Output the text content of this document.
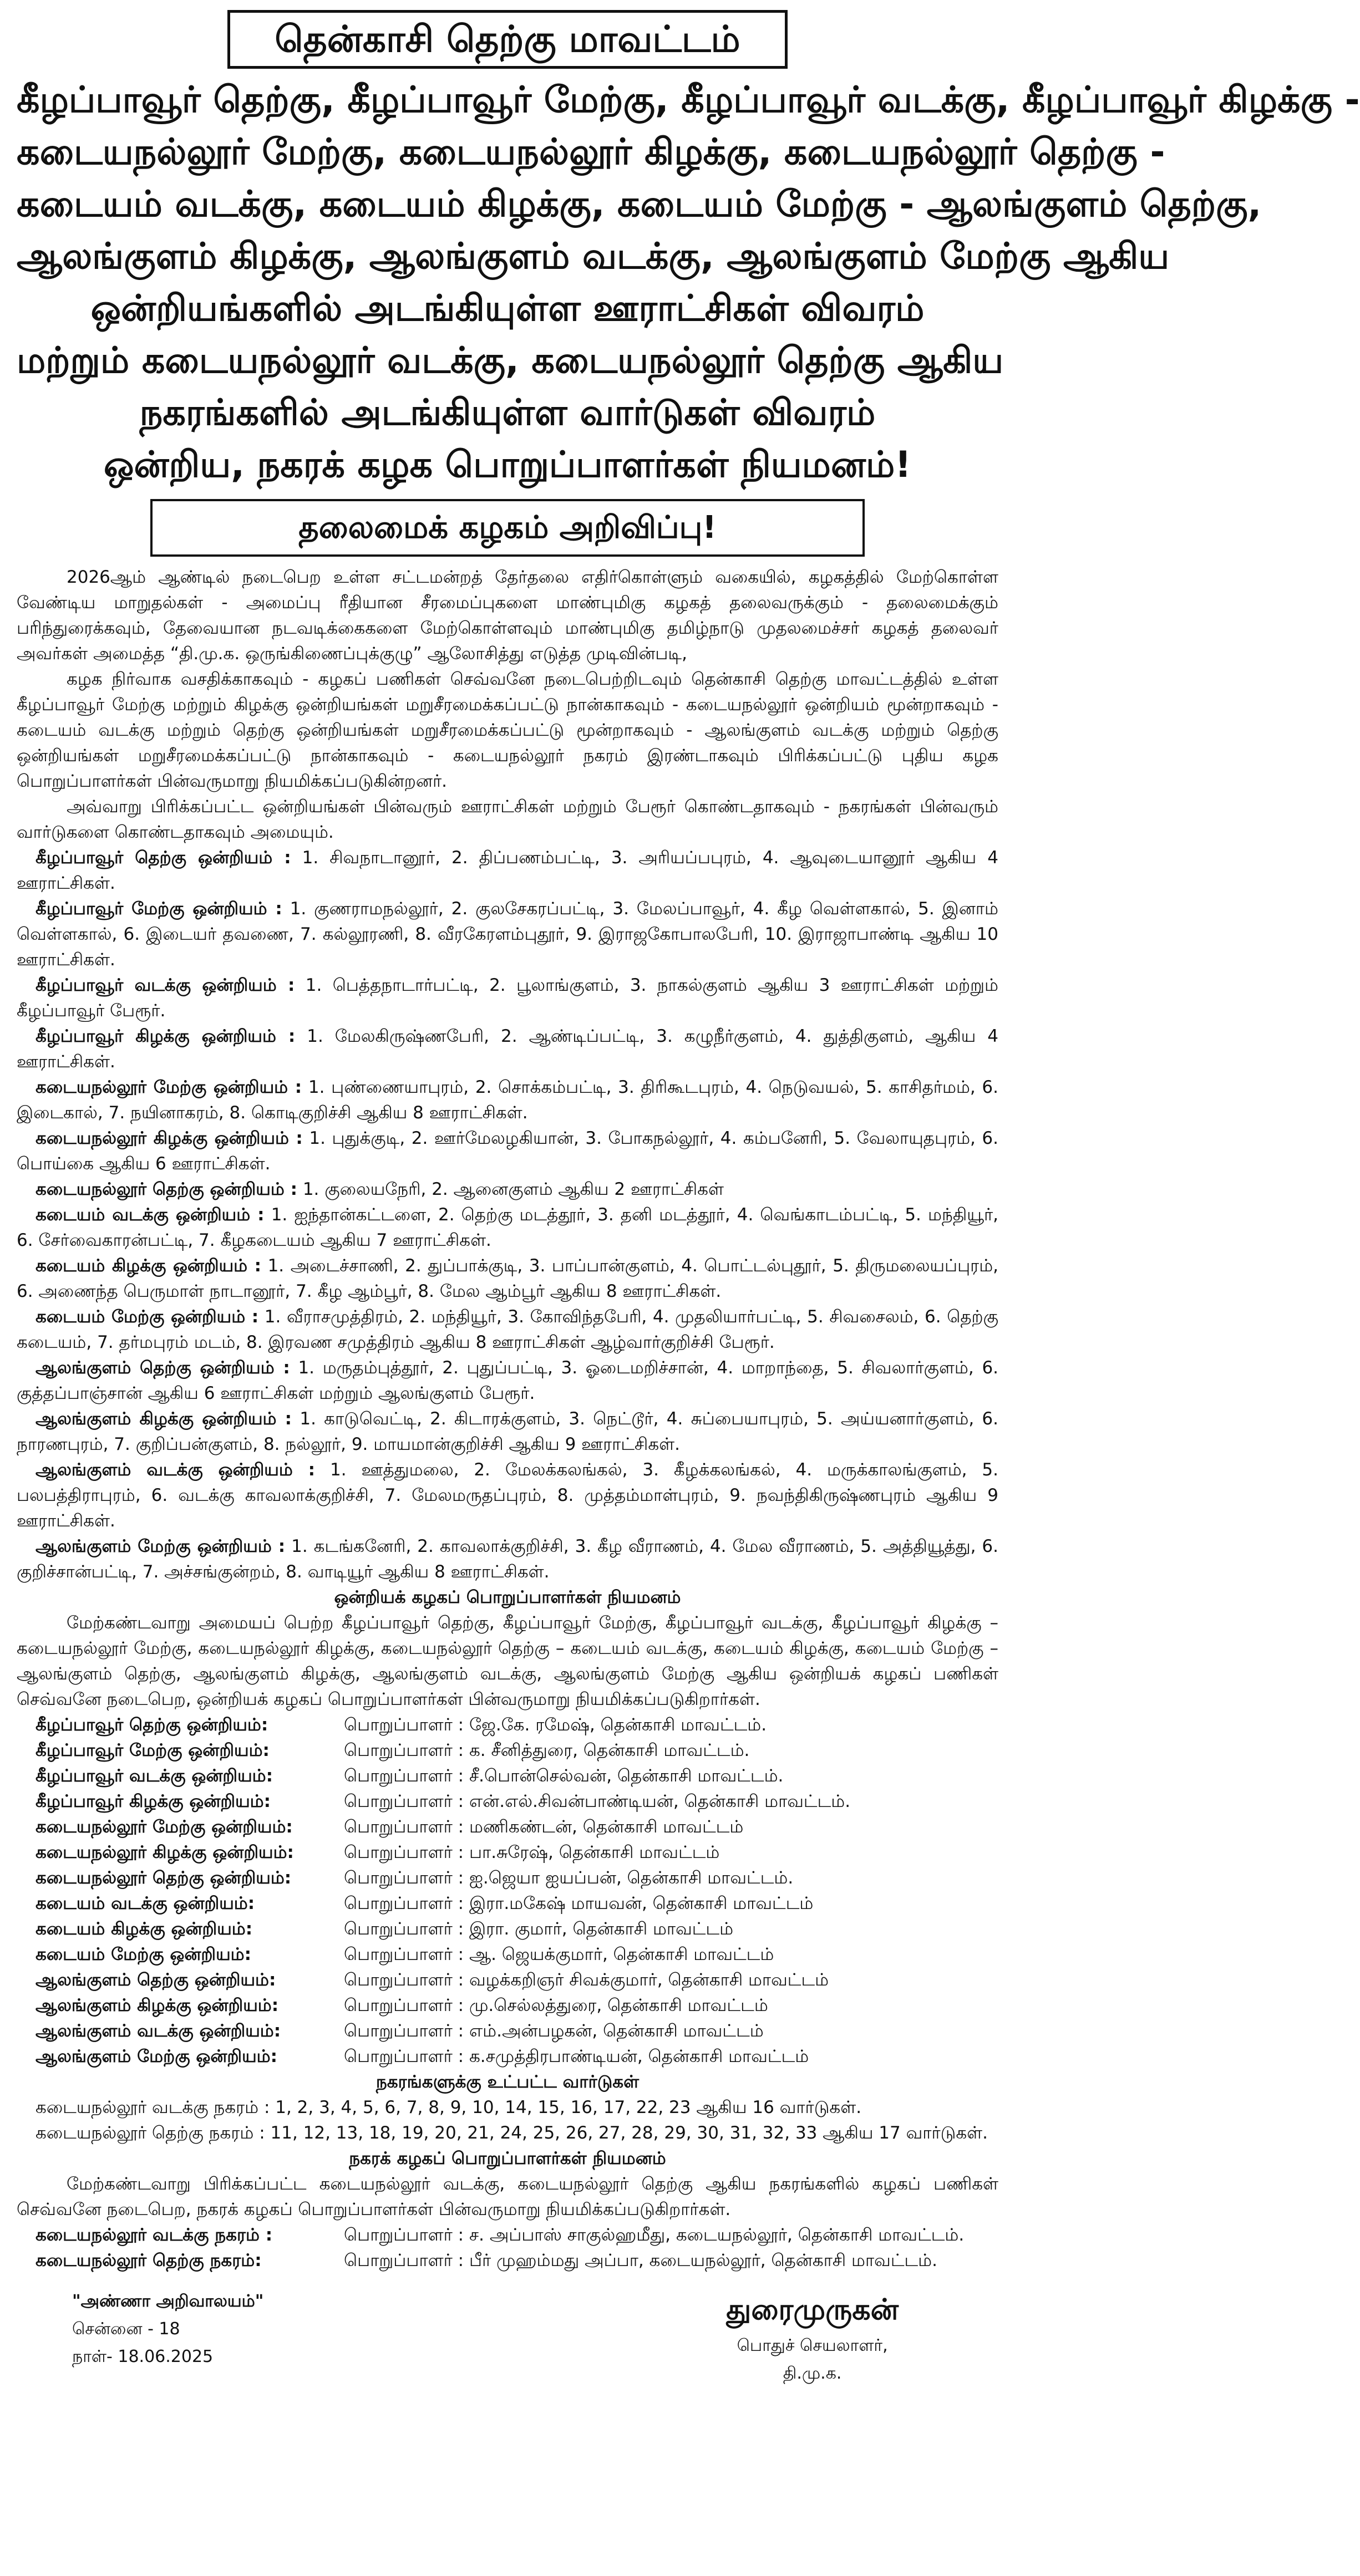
தென்காசி தெற்கு மாவட்டம்
கீழப்பாவூர் தெற்கு, கீழப்பாவூர் மேற்கு, கீழப்பாவூர் வடக்கு, கீழப்பாவூர் கிழக்கு -
கடையநல்லூர் மேற்கு, கடையநல்லூர் கிழக்கு, கடையநல்லூர் தெற்கு -
கடையம் வடக்கு, கடையம் கிழக்கு, கடையம் மேற்கு - ஆலங்குளம் தெற்கு,
ஆலங்குளம் கிழக்கு, ஆலங்குளம் வடக்கு, ஆலங்குளம் மேற்கு ஆகிய
ஒன்றியங்களில் அடங்கியுள்ள ஊராட்சிகள் விவரம்
மற்றும் கடையநல்லூர் வடக்கு, கடையநல்லூர் தெற்கு ஆகிய
நகரங்களில் அடங்கியுள்ள வார்டுகள் விவரம்
ஒன்றிய, நகரக் கழக பொறுப்பாளர்கள் நியமனம்!
தலைமைக் கழகம் அறிவிப்பு!

2026ஆம் ஆண்டில் நடைபெற உள்ள சட்டமன்றத் தேர்தலை எதிர்கொள்ளும் வகையில், கழகத்தில் மேற்கொள்ள வேண்டிய மாறுதல்கள் - அமைப்பு ரீதியான சீரமைப்புகளை மாண்புமிகு கழகத் தலைவருக்கும் - தலைமைக்கும் பரிந்துரைக்கவும், தேவையான நடவடிக்கைகளை மேற்கொள்ளவும் மாண்புமிகு தமிழ்நாடு முதலமைச்சர் கழகத் தலைவர் அவர்கள் அமைத்த “தி.மு.க. ஒருங்கிணைப்புக்குழு” ஆலோசித்து எடுத்த முடிவின்படி,

கழக நிர்வாக வசதிக்காகவும் - கழகப் பணிகள் செவ்வனே நடைபெற்றிடவும் தென்காசி தெற்கு மாவட்டத்தில் உள்ள கீழப்பாவூர் மேற்கு மற்றும் கிழக்கு ஒன்றியங்கள் மறுசீரமைக்கப்பட்டு நான்காகவும் - கடையநல்லூர் ஒன்றியம் மூன்றாகவும் - கடையம் வடக்கு மற்றும் தெற்கு ஒன்றியங்கள் மறுசீரமைக்கப்பட்டு மூன்றாகவும் - ஆலங்குளம் வடக்கு மற்றும் தெற்கு ஒன்றியங்கள் மறுசீரமைக்கப்பட்டு நான்காகவும் - கடையநல்லூர் நகரம் இரண்டாகவும் பிரிக்கப்பட்டு புதிய கழக பொறுப்பாளர்கள் பின்வருமாறு நியமிக்கப்படுகின்றனர்.

அவ்வாறு பிரிக்கப்பட்ட ஒன்றியங்கள் பின்வரும் ஊராட்சிகள் மற்றும் பேரூர் கொண்டதாகவும் - நகரங்கள் பின்வரும் வார்டுகளை கொண்டதாகவும் அமையும்.

கீழப்பாவூர் தெற்கு ஒன்றியம் : 1. சிவநாடானூர், 2. திப்பணம்பட்டி, 3. அரியப்பபுரம், 4. ஆவுடையானூர் ஆகிய 4 ஊராட்சிகள்.

கீழப்பாவூர் மேற்கு ஒன்றியம் : 1. குணராமநல்லூர், 2. குலசேகரப்பட்டி, 3. மேலப்பாவூர், 4. கீழ வெள்ளகால், 5. இனாம் வெள்ளகால், 6. இடையர் தவணை, 7. கல்லூரணி, 8. வீரகேரளம்புதூர், 9. இராஜகோபாலபேரி, 10. இராஜாபாண்டி ஆகிய 10 ஊராட்சிகள்.

கீழப்பாவூர் வடக்கு ஒன்றியம் : 1. பெத்தநாடார்பட்டி, 2. பூலாங்குளம், 3. நாகல்குளம் ஆகிய 3 ஊராட்சிகள் மற்றும் கீழப்பாவூர் பேரூர்.

கீழப்பாவூர் கிழக்கு ஒன்றியம் : 1. மேலகிருஷ்ணபேரி, 2. ஆண்டிப்பட்டி, 3. கழுநீர்குளம், 4. துத்திகுளம், ஆகிய 4 ஊராட்சிகள்.

கடையநல்லூர் மேற்கு ஒன்றியம் : 1. புண்ணையாபுரம், 2. சொக்கம்பட்டி, 3. திரிகூடபுரம், 4. நெடுவயல், 5. காசிதர்மம், 6. இடைகால், 7. நயினாகரம், 8. கொடிகுறிச்சி ஆகிய 8 ஊராட்சிகள்.

கடையநல்லூர் கிழக்கு ஒன்றியம் : 1. புதுக்குடி, 2. ஊர்மேலழகியான், 3. போகநல்லூர், 4. கம்பனேரி, 5. வேலாயுதபுரம், 6. பொய்கை ஆகிய 6 ஊராட்சிகள்.

கடையநல்லூர் தெற்கு ஒன்றியம் : 1. குலையநேரி, 2. ஆனைகுளம் ஆகிய 2 ஊராட்சிகள்

கடையம் வடக்கு ஒன்றியம் : 1. ஐந்தான்கட்டளை, 2. தெற்கு மடத்தூர், 3. தனி மடத்தூர், 4. வெங்காடம்பட்டி, 5. மந்தியூர், 6. சேர்வைகாரன்பட்டி, 7. கீழகடையம் ஆகிய 7 ஊராட்சிகள்.

கடையம் கிழக்கு ஒன்றியம் : 1. அடைச்சாணி, 2. துப்பாக்குடி, 3. பாப்பான்குளம், 4. பொட்டல்புதூர், 5. திருமலையப்புரம், 6. அணைந்த பெருமாள் நாடானூர், 7. கீழ ஆம்பூர், 8. மேல ஆம்பூர் ஆகிய 8 ஊராட்சிகள்.

கடையம் மேற்கு ஒன்றியம் : 1. வீராசமுத்திரம், 2. மந்தியூர், 3. கோவிந்தபேரி, 4. முதலியார்பட்டி, 5. சிவசைலம், 6. தெற்கு கடையம், 7. தர்மபுரம் மடம், 8. இரவண சமுத்திரம் ஆகிய 8 ஊராட்சிகள் ஆழ்வார்குறிச்சி பேரூர்.

ஆலங்குளம் தெற்கு ஒன்றியம் : 1. மருதம்புத்தூர், 2. புதுப்பட்டி, 3. ஓடைமறிச்சான், 4. மாறாந்தை, 5. சிவலார்குளம், 6. குத்தப்பாஞ்சான் ஆகிய 6 ஊராட்சிகள் மற்றும் ஆலங்குளம் பேரூர்.

ஆலங்குளம் கிழக்கு ஒன்றியம் : 1. காடுவெட்டி, 2. கிடாரக்குளம், 3. நெட்டூர், 4. சுப்பையாபுரம், 5. அய்யனார்குளம், 6. நாரணபுரம், 7. குறிப்பன்குளம், 8. நல்லூர், 9. மாயமான்குறிச்சி ஆகிய 9 ஊராட்சிகள்.

ஆலங்குளம் வடக்கு ஒன்றியம் : 1. ஊத்துமலை, 2. மேலக்கலங்கல், 3. கீழக்கலங்கல், 4. மருக்காலங்குளம், 5. பலபத்திராபுரம், 6. வடக்கு காவலாக்குறிச்சி, 7. மேலமருதப்புரம், 8. முத்தம்மாள்புரம், 9. நவந்திகிருஷ்ணபுரம் ஆகிய 9 ஊராட்சிகள்.

ஆலங்குளம் மேற்கு ஒன்றியம் : 1. கடங்கனேரி, 2. காவலாக்குறிச்சி, 3. கீழ வீராணம், 4. மேல வீராணம், 5. அத்தியூத்து, 6. குறிச்சான்பட்டி, 7. அச்சங்குன்றம், 8. வாடியூர் ஆகிய 8 ஊராட்சிகள்.

ஒன்றியக் கழகப் பொறுப்பாளர்கள் நியமனம்

மேற்கண்டவாறு அமையப் பெற்ற கீழப்பாவூர் தெற்கு, கீழப்பாவூர் மேற்கு, கீழப்பாவூர் வடக்கு, கீழப்பாவூர் கிழக்கு – கடையநல்லூர் மேற்கு, கடையநல்லூர் கிழக்கு, கடையநல்லூர் தெற்கு – கடையம் வடக்கு, கடையம் கிழக்கு, கடையம் மேற்கு – ஆலங்குளம் தெற்கு, ஆலங்குளம் கிழக்கு, ஆலங்குளம் வடக்கு, ஆலங்குளம் மேற்கு ஆகிய ஒன்றியக் கழகப் பணிகள் செவ்வனே நடைபெற, ஒன்றியக் கழகப் பொறுப்பாளர்கள் பின்வருமாறு நியமிக்கப்படுகிறார்கள்.

கீழப்பாவூர் தெற்கு ஒன்றியம்:	பொறுப்பாளர் : ஜே.கே. ரமேஷ், தென்காசி மாவட்டம்.
கீழப்பாவூர் மேற்கு ஒன்றியம்:	பொறுப்பாளர் : க. சீனித்துரை, தென்காசி மாவட்டம்.
கீழப்பாவூர் வடக்கு ஒன்றியம்:	பொறுப்பாளர் : சீ.பொன்செல்வன், தென்காசி மாவட்டம்.
கீழப்பாவூர் கிழக்கு ஒன்றியம்:	பொறுப்பாளர் : என்.எல்.சிவன்பாண்டியன், தென்காசி மாவட்டம்.
கடையநல்லூர் மேற்கு ஒன்றியம்:	பொறுப்பாளர் : மணிகண்டன், தென்காசி மாவட்டம்
கடையநல்லூர் கிழக்கு ஒன்றியம்:	பொறுப்பாளர் : பா.சுரேஷ், தென்காசி மாவட்டம்
கடையநல்லூர் தெற்கு ஒன்றியம்:	பொறுப்பாளர் : ஐ.ஜெயா ஐயப்பன், தென்காசி மாவட்டம்.
கடையம் வடக்கு ஒன்றியம்:	பொறுப்பாளர் : இரா.மகேஷ் மாயவன், தென்காசி மாவட்டம்
கடையம் கிழக்கு ஒன்றியம்:	பொறுப்பாளர் : இரா. குமார், தென்காசி மாவட்டம்
கடையம் மேற்கு ஒன்றியம்:	பொறுப்பாளர் : ஆ. ஜெயக்குமார், தென்காசி மாவட்டம்
ஆலங்குளம் தெற்கு ஒன்றியம்:	பொறுப்பாளர் : வழக்கறிஞர் சிவக்குமார், தென்காசி மாவட்டம்
ஆலங்குளம் கிழக்கு ஒன்றியம்:	பொறுப்பாளர் : மு.செல்லத்துரை, தென்காசி மாவட்டம்
ஆலங்குளம் வடக்கு ஒன்றியம்:	பொறுப்பாளர் : எம்.அன்பழகன், தென்காசி மாவட்டம்
ஆலங்குளம் மேற்கு ஒன்றியம்:	பொறுப்பாளர் : க.சமுத்திரபாண்டியன், தென்காசி மாவட்டம்

நகரங்களுக்கு உட்பட்ட வார்டுகள்

கடையநல்லூர் வடக்கு நகரம் : 1, 2, 3, 4, 5, 6, 7, 8, 9, 10, 14, 15, 16, 17, 22, 23 ஆகிய 16 வார்டுகள்.

கடையநல்லூர் தெற்கு நகரம் : 11, 12, 13, 18, 19, 20, 21, 24, 25, 26, 27, 28, 29, 30, 31, 32, 33 ஆகிய 17 வார்டுகள்.

நகரக் கழகப் பொறுப்பாளர்கள் நியமனம்

மேற்கண்டவாறு பிரிக்கப்பட்ட கடையநல்லூர் வடக்கு, கடையநல்லூர் தெற்கு ஆகிய நகரங்களில் கழகப் பணிகள் செவ்வனே நடைபெற, நகரக் கழகப் பொறுப்பாளர்கள் பின்வருமாறு நியமிக்கப்படுகிறார்கள்.

கடையநல்லூர் வடக்கு நகரம் :	பொறுப்பாளர் : ச. அப்பாஸ் சாகுல்ஹமீது, கடையநல்லூர், தென்காசி மாவட்டம்.
கடையநல்லூர் தெற்கு நகரம்:	பொறுப்பாளர் : பீர் முஹம்மது அப்பா, கடையநல்லூர், தென்காசி மாவட்டம்.
"அண்ணா அறிவாலயம்"
சென்னை - 18
நாள்- 18.06.2025
துரைமுருகன்
பொதுச் செயலாளர்,
தி.மு.க.
